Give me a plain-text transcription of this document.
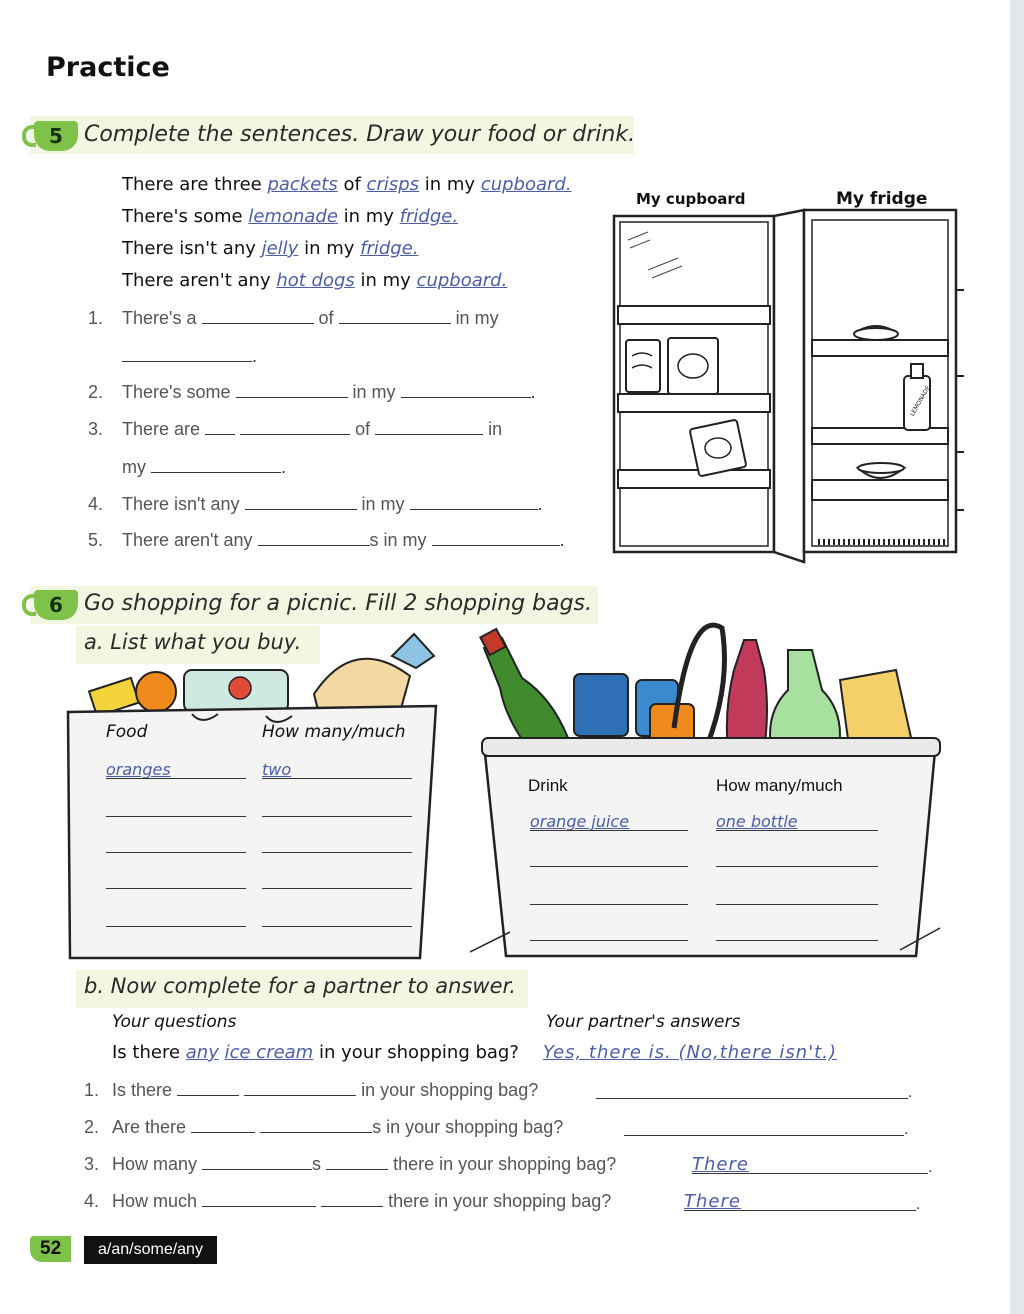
Practice
5 Complete the sentences. Draw your food or drink.
There are three packets of crisps in my cupboard.
There's some lemonade in my fridge.
There isn't any jelly in my fridge.
There aren't any hot dogs in my cupboard.
1. There's a	of	in my
.
2. There's some	in my	.
3. There are	of	in
my	.
4. There isn't any	in my	.
5. There aren't any	s in my	.
My cupboard	My fridge
LEMONADE
6 Go shopping for a picnic. Fill 2 shopping bags.
a. List what you buy.
Food	How many/much
oranges	two
Drink	How many/much
orange juice	one bottle
b. Now complete for a partner to answer.
Your questions	Your partner's answers
Is there any ice cream in your shopping bag? Yes, there is. (No,there isn't.)
1. Is there	in your shopping bag?	.
2. Are there	s in your shopping bag?	.
3. How many	s	there in your shopping bag?	There	.
4. How much	there in your shopping bag?	There	.
52	a/an/some/any
